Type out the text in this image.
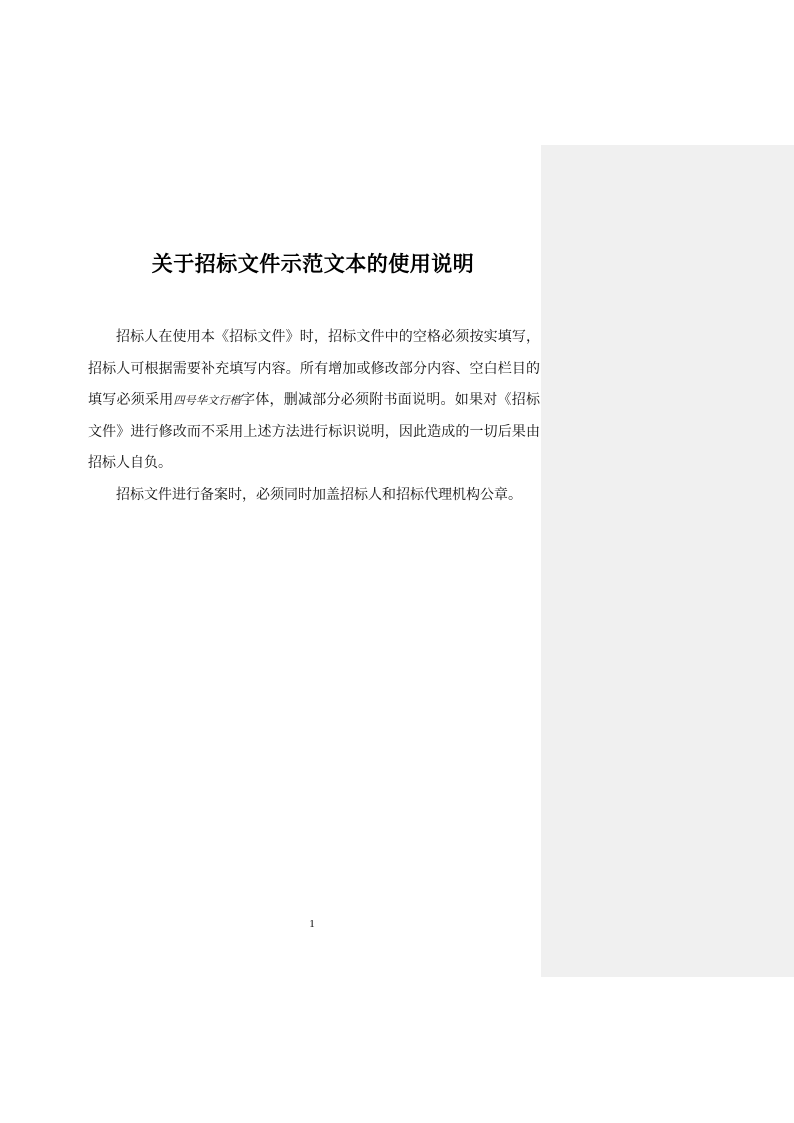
关于招标文件示范文本的使用说明

招标人在使用本《招标文件》时，招标文件中的空格必须按实填写，招标人可根据需要补充填写内容。所有增加或修改部分内容、空白栏目的填写必须采用四号华文行楷字体，删减部分必须附书面说明。如果对《招标文件》进行修改而不采用上述方法进行标识说明，因此造成的一切后果由招标人自负。

招标文件进行备案时，必须同时加盖招标人和招标代理机构公章。

1
